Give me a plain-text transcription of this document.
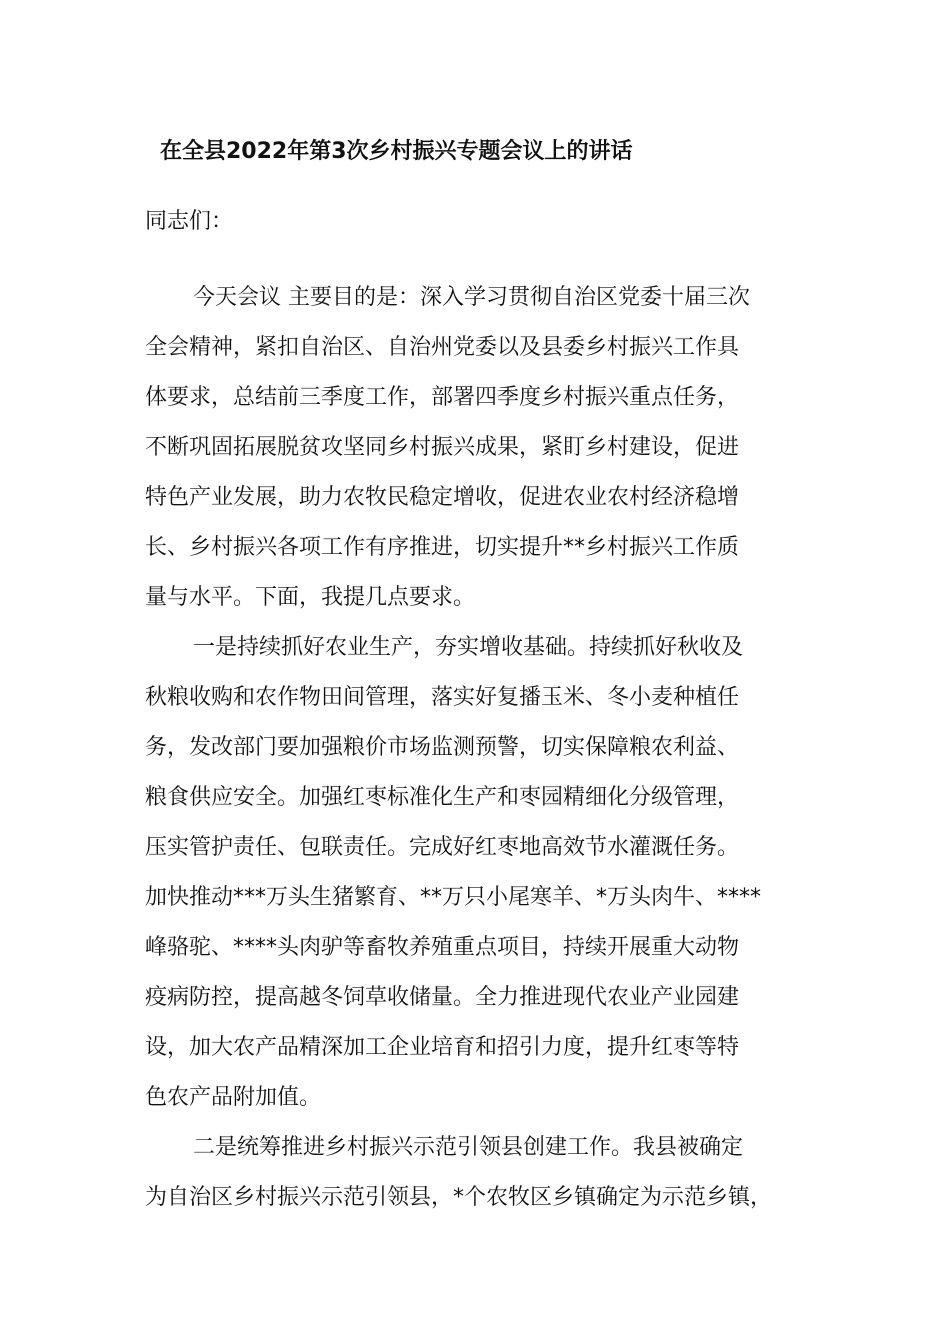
在全县2022年第3次乡村振兴专题会议上的讲话
同志们：
今天会议 主要目的是：深入学习贯彻自治区党委十届三次
全会精神，紧扣自治区、自治州党委以及县委乡村振兴工作具
体要求，总结前三季度工作，部署四季度乡村振兴重点任务，
不断巩固拓展脱贫攻坚同乡村振兴成果，紧盯乡村建设，促进
特色产业发展，助力农牧民稳定增收，促进农业农村经济稳增
长、乡村振兴各项工作有序推进，切实提升**乡村振兴工作质
量与水平。下面，我提几点要求。
一是持续抓好农业生产，夯实增收基础。持续抓好秋收及
秋粮收购和农作物田间管理，落实好复播玉米、冬小麦种植任
务，发改部门要加强粮价市场监测预警，切实保障粮农利益、
粮食供应安全。加强红枣标准化生产和枣园精细化分级管理，
压实管护责任、包联责任。完成好红枣地高效节水灌溉任务。
加快推动***万头生猪繁育、**万只小尾寒羊、*万头肉牛、****
峰骆驼、****头肉驴等畜牧养殖重点项目，持续开展重大动物
疫病防控，提高越冬饲草收储量。全力推进现代农业产业园建
设，加大农产品精深加工企业培育和招引力度，提升红枣等特
色农产品附加值。
二是统筹推进乡村振兴示范引领县创建工作。我县被确定
为自治区乡村振兴示范引领县，*个农牧区乡镇确定为示范乡镇，
